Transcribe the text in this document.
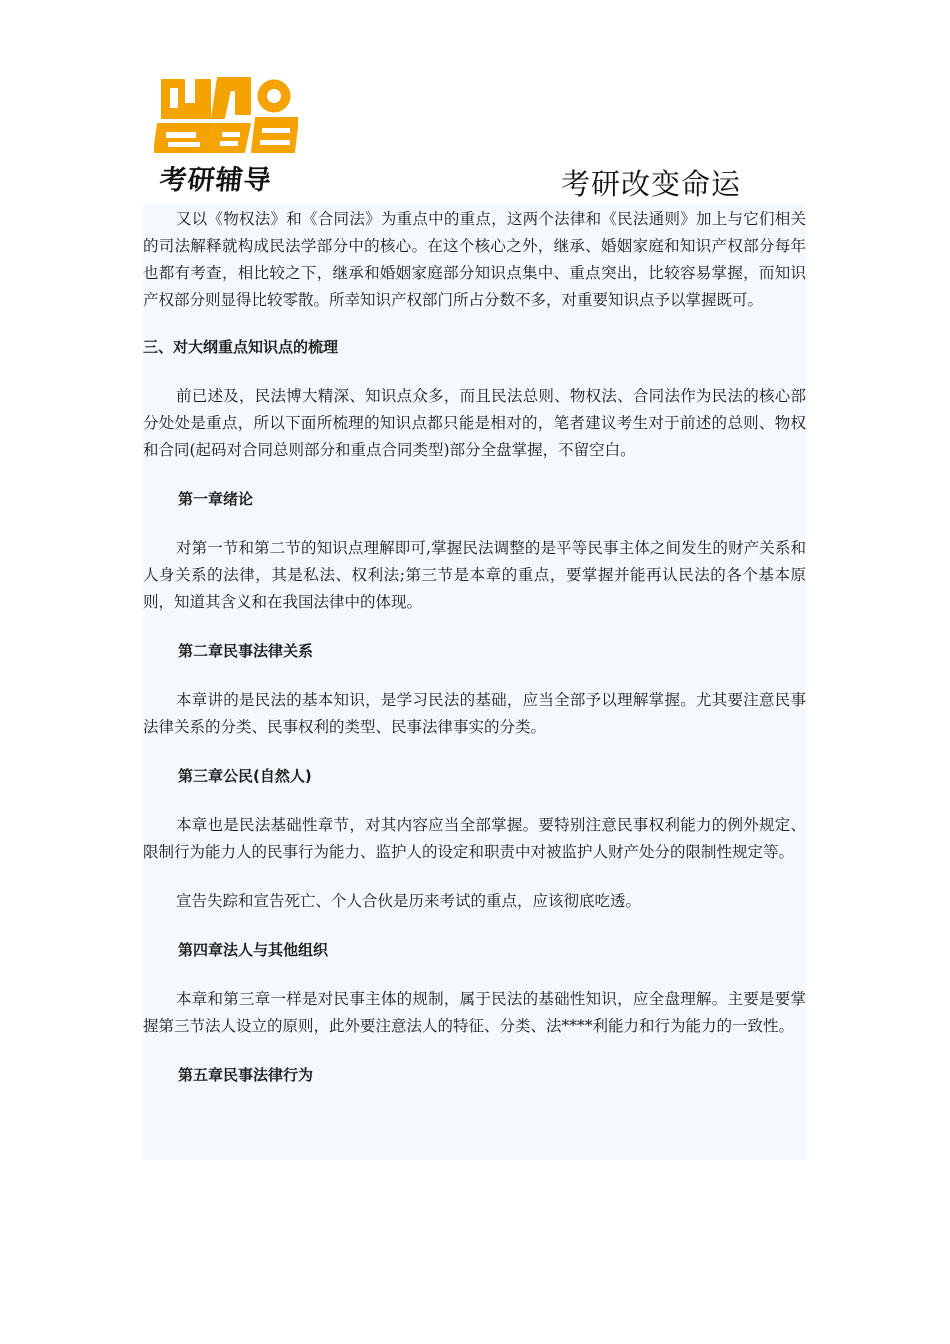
考研辅导	考研改变命运

又以《物权法》和《合同法》为重点中的重点，这两个法律和《民法通则》加上与它们相关的司法解释就构成民法学部分中的核心。在这个核心之外，继承、婚姻家庭和知识产权部分每年也都有考查，相比较之下，继承和婚姻家庭部分知识点集中、重点突出，比较容易掌握，而知识产权部分则显得比较零散。所幸知识产权部门所占分数不多，对重要知识点予以掌握既可。

三、对大纲重点知识点的梳理

前已述及，民法博大精深、知识点众多，而且民法总则、物权法、合同法作为民法的核心部分处处是重点，所以下面所梳理的知识点都只能是相对的，笔者建议考生对于前述的总则、物权和合同(起码对合同总则部分和重点合同类型)部分全盘掌握，不留空白。

第一章绪论

对第一节和第二节的知识点理解即可,掌握民法调整的是平等民事主体之间发生的财产关系和人身关系的法律，其是私法、权利法;第三节是本章的重点，要掌握并能再认民法的各个基本原则，知道其含义和在我国法律中的体现。

第二章民事法律关系

本章讲的是民法的基本知识，是学习民法的基础，应当全部予以理解掌握。尤其要注意民事法律关系的分类、民事权利的类型、民事法律事实的分类。

第三章公民(自然人)

本章也是民法基础性章节，对其内容应当全部掌握。要特别注意民事权利能力的例外规定、限制行为能力人的民事行为能力、监护人的设定和职责中对被监护人财产处分的限制性规定等。

宣告失踪和宣告死亡、个人合伙是历来考试的重点，应该彻底吃透。

第四章法人与其他组织

本章和第三章一样是对民事主体的规制，属于民法的基础性知识，应全盘理解。主要是要掌握第三节法人设立的原则，此外要注意法人的特征、分类、法****利能力和行为能力的一致性。

第五章民事法律行为
